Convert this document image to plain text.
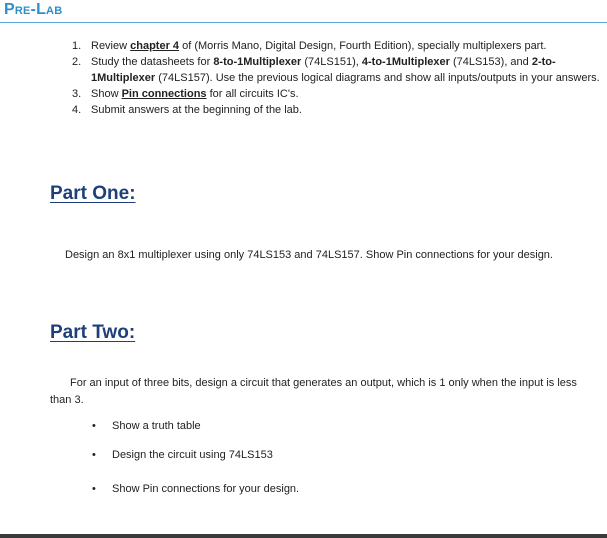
Pre-Lab
1. Review chapter 4 of (Morris Mano, Digital Design, Fourth Edition), specially multiplexers part.
2. Study the datasheets for 8-to-1Multiplexer (74LS151), 4-to-1Multiplexer (74LS153), and 2-to-1Multiplexer (74LS157). Use the previous logical diagrams and show all inputs/outputs in your answers.
3. Show Pin connections for all circuits IC's.
4. Submit answers at the beginning of the lab.
Part One:
Design an 8x1 multiplexer using only 74LS153 and 74LS157. Show Pin connections for your design.
Part Two:
For an input of three bits, design a circuit that generates an output, which is 1 only when the input is less than 3.
• Show a truth table
• Design the circuit using 74LS153
• Show Pin connections for your design.
